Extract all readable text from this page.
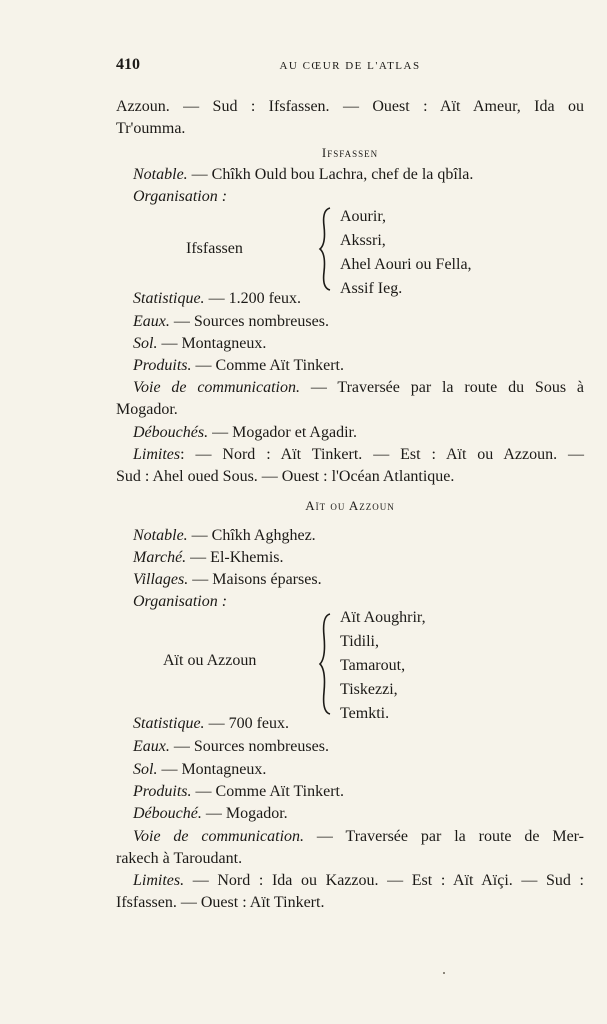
410	AU CŒUR DE L'ATLAS
Azzoun. — Sud : Ifsfassen. — Ouest : Aït Ameur, Ida ou
Tr'oumma.
Ifsfassen
Notable. — Chîkh Ould bou Lachra, chef de la qbîla.
Organisation :
Ifsfassen
Aourir,
Akssri,
Ahel Aouri ou Fella,
Assif Ieg.
Statistique. — 1.200 feux.
Eaux. — Sources nombreuses.
Sol. — Montagneux.
Produits. — Comme Aït Tinkert.
Voie de communication. — Traversée par la route du Sous à
Mogador.
Débouchés. — Mogador et Agadir.
Limites: — Nord : Aït Tinkert. — Est : Aït ou Azzoun. —
Sud : Ahel oued Sous. — Ouest : l'Océan Atlantique.
Aït ou Azzoun
Notable. — Chîkh Aghghez.
Marché. — El-Khemis.
Villages. — Maisons éparses.
Organisation :
Aït ou Azzoun
Aït Aoughrir,
Tidili,
Tamarout,
Tiskezzi,
Temkti.
Statistique. — 700 feux.
Eaux. — Sources nombreuses.
Sol. — Montagneux.
Produits. — Comme Aït Tinkert.
Débouché. — Mogador.
Voie de communication. — Traversée par la route de Mer-
rakech à Taroudant.
Limites. — Nord : Ida ou Kazzou. — Est : Aït Aïçi. — Sud :
Ifsfassen. — Ouest : Aït Tinkert.
